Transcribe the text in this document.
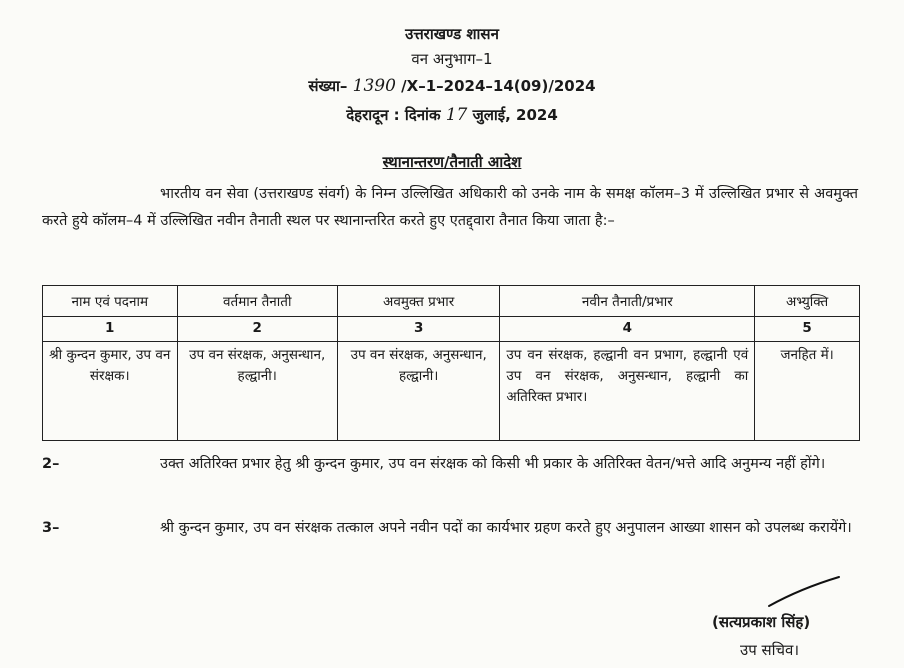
उत्तराखण्ड शासन
वन अनुभाग–1
संख्या– 1390 /X–1–2024–14(09)/2024
देहरादून : दिनांक 17 जुलाई, 2024
स्थानान्तरण/तैनाती आदेश
भारतीय वन सेवा (उत्तराखण्ड संवर्ग) के निम्न उल्लिखित अधिकारी को उनके नाम के समक्ष कॉलम–3 में उल्लिखित प्रभार से अवमुक्त करते हुये कॉलम–4 में उल्लिखित नवीन तैनाती स्थल पर स्थानान्तरित करते हुए एतद्द्वारा तैनात किया जाता है:–
नाम एवं पदनाम	वर्तमान तैनाती	अवमुक्त प्रभार	नवीन तैनाती/प्रभार	अभ्युक्ति
1	2	3	4	5
श्री कुन्दन कुमार, उप वन संरक्षक।	उप वन संरक्षक, अनुसन्धान, हल्द्वानी।	उप वन संरक्षक, अनुसन्धान, हल्द्वानी।	उप वन संरक्षक, हल्द्वानी वन प्रभाग, हल्द्वानी एवं उप वन संरक्षक, अनुसन्धान, हल्द्वानी का अतिरिक्त प्रभार।	जनहित में।
2–	उक्त अतिरिक्त प्रभार हेतु श्री कुन्दन कुमार, उप वन संरक्षक को किसी भी प्रकार के अतिरिक्त वेतन/भत्ते आदि अनुमन्य नहीं होंगे।
3–	श्री कुन्दन कुमार, उप वन संरक्षक तत्काल अपने नवीन पदों का कार्यभार ग्रहण करते हुए अनुपालन आख्या शासन को उपलब्ध करायेंगे।
(सत्यप्रकाश सिंह)
उप सचिव।
